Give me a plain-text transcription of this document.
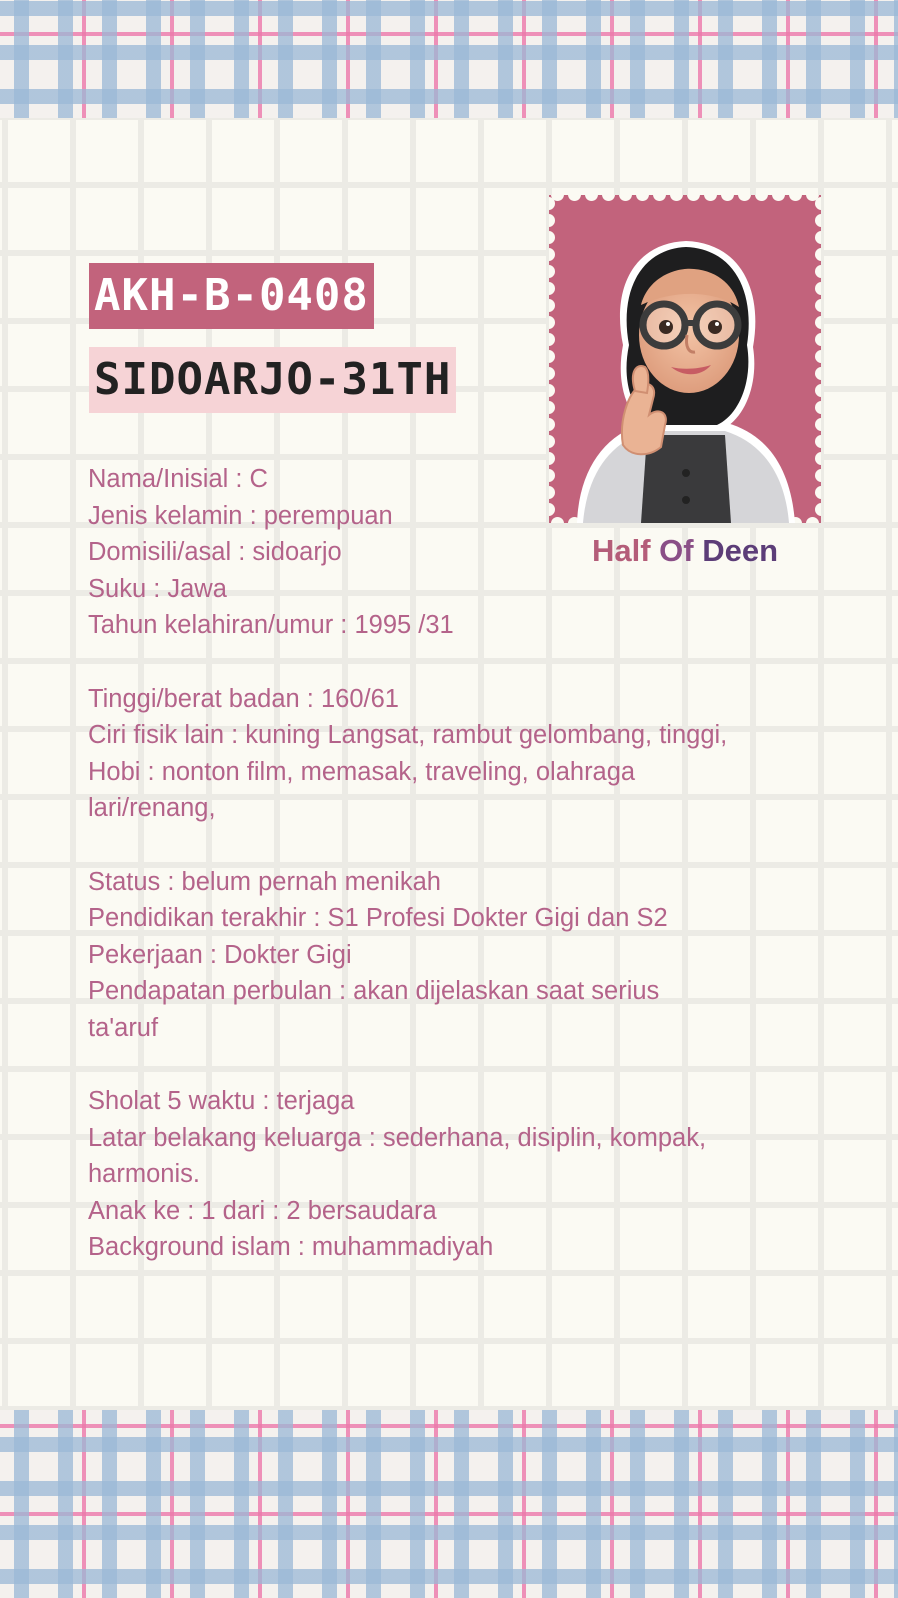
AKH-B-0408
SIDOARJO-31TH
Half Of Deen
Nama/Inisial : C
Jenis kelamin : perempuan
Domisili/asal : sidoarjo
Suku : Jawa
Tahun kelahiran/umur : 1995 /31
Tinggi/berat badan : 160/61
Ciri fisik lain : kuning Langsat, rambut gelombang, tinggi,
Hobi : nonton film, memasak, traveling, olahraga
lari/renang,
Status : belum pernah menikah
Pendidikan terakhir : S1 Profesi Dokter Gigi dan S2
Pekerjaan : Dokter Gigi
Pendapatan perbulan : akan dijelaskan saat serius
ta'aruf
Sholat 5 waktu : terjaga
Latar belakang keluarga : sederhana, disiplin, kompak,
harmonis.
Anak ke : 1 dari : 2 bersaudara
Background islam : muhammadiyah
